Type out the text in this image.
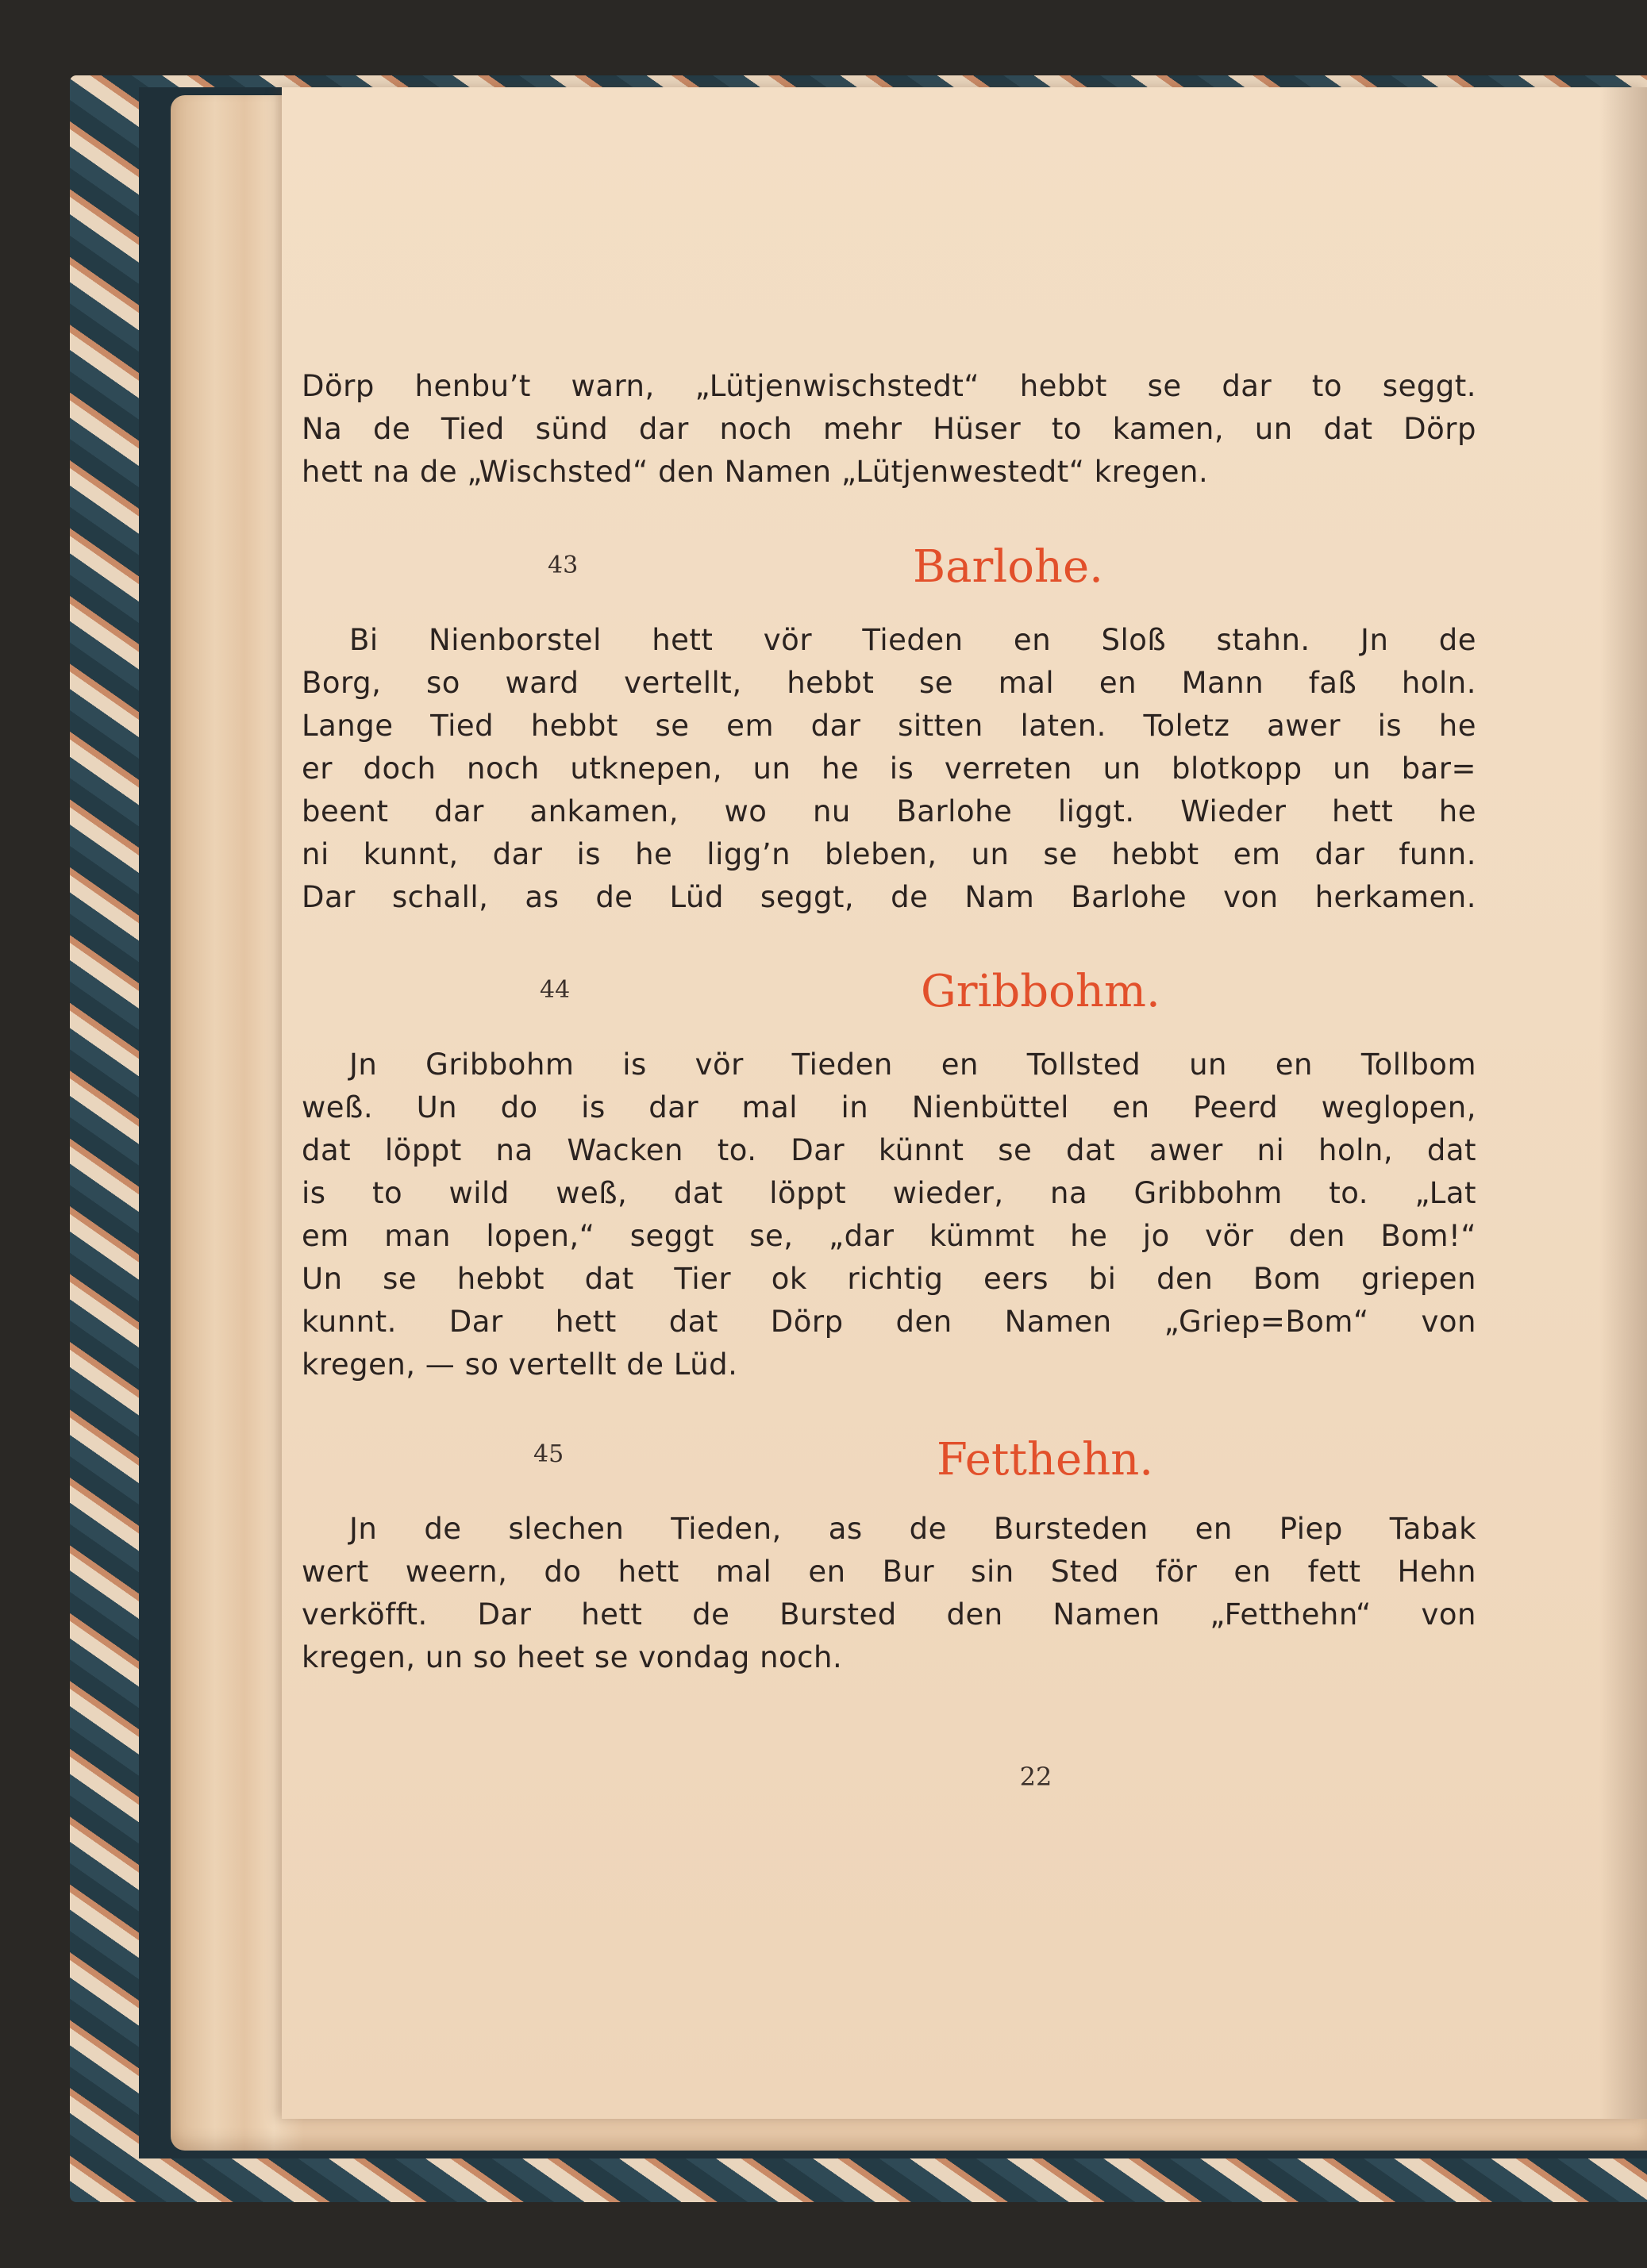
Dörp henbu’t warn, „Lütjenwischstedt“ hebbt se dar to seggt.
Na de Tied sünd dar noch mehr Hüser to kamen, un dat Dörp
hett na de „Wischsted“ den Namen „Lütjenwestedt“ kregen.
43	Barlohe.
Bi Nienborstel hett vör Tieden en Sloß stahn. Jn de
Borg, so ward vertellt, hebbt se mal en Mann faß holn.
Lange Tied hebbt se em dar sitten laten. Toletz awer is he
er doch noch utknepen, un he is verreten un blotkopp un bar=
beent dar ankamen, wo nu Barlohe liggt. Wieder hett he
ni kunnt, dar is he ligg’n bleben, un se hebbt em dar funn.
Dar schall, as de Lüd seggt, de Nam Barlohe von herkamen.
44	Gribbohm.
Jn Gribbohm is vör Tieden en Tollsted un en Tollbom
weß. Un do is dar mal in Nienbüttel en Peerd weglopen,
dat löppt na Wacken to. Dar künnt se dat awer ni holn, dat
is to wild weß, dat löppt wieder, na Gribbohm to. „Lat
em man lopen,“ seggt se, „dar kümmt he jo vör den Bom!“
Un se hebbt dat Tier ok richtig eers bi den Bom griepen
kunnt. Dar hett dat Dörp den Namen „Griep=Bom“ von
kregen, — so vertellt de Lüd.
45	Fetthehn.
Jn de slechen Tieden, as de Burstеden en Piep Tabak
wert weern, do hett mal en Bur sin Sted för en fett Hehn
verköfft. Dar hett de Bursted den Namen „Fetthehn“ von
kregen, un so heet se vondag noch.
22
